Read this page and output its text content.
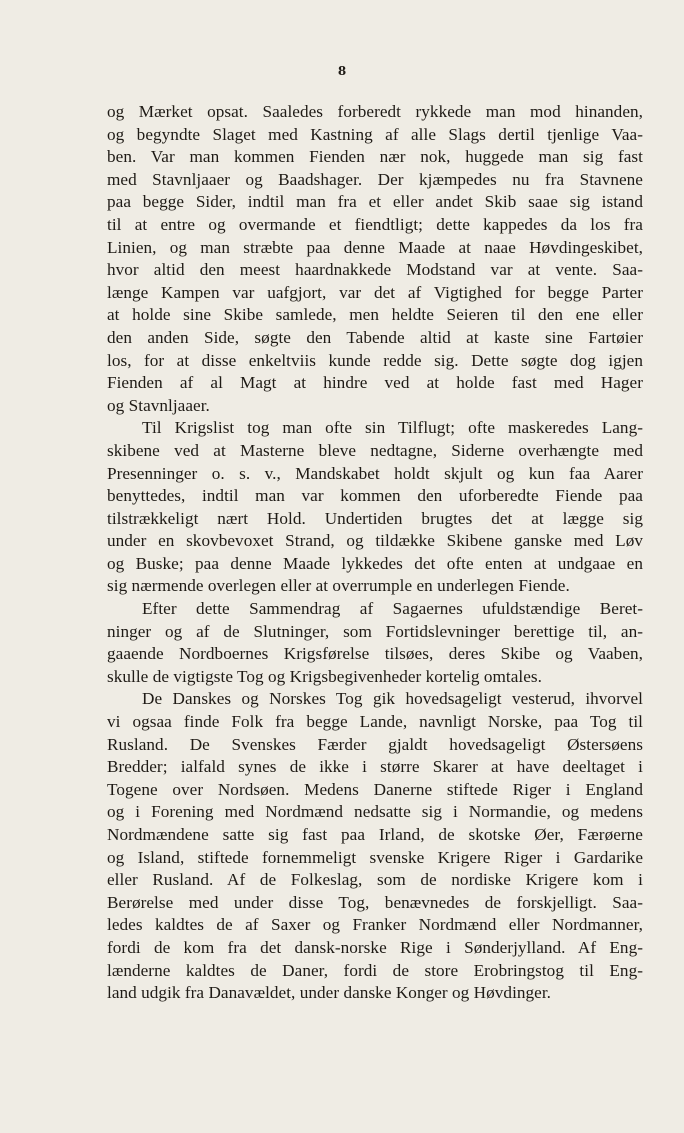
8
og Mærket opsat. Saaledes forberedt rykkede man mod hinanden,
og begyndte Slaget med Kastning af alle Slags dertil tjenlige Vaa-
ben. Var man kommen Fienden nær nok, huggede man sig fast
med Stavnljaaer og Baadshager. Der kjæmpedes nu fra Stavnene
paa begge Sider, indtil man fra et eller andet Skib saae sig istand
til at entre og overmande et fiendtligt; dette kappedes da los fra
Linien, og man stræbte paa denne Maade at naae Høvdingeskibet,
hvor altid den meest haardnakkede Modstand var at vente. Saa-
længe Kampen var uafgjort, var det af Vigtighed for begge Parter
at holde sine Skibe samlede, men heldte Seieren til den ene eller
den anden Side, søgte den Tabende altid at kaste sine Fartøier
los, for at disse enkeltviis kunde redde sig. Dette søgte dog igjen
Fienden af al Magt at hindre ved at holde fast med Hager
og Stavnljaaer.
Til Krigslist tog man ofte sin Tilflugt; ofte maskeredes Lang-
skibene ved at Masterne bleve nedtagne, Siderne overhængte med
Presenninger o. s. v., Mandskabet holdt skjult og kun faa Aarer
benyttedes, indtil man var kommen den uforberedte Fiende paa
tilstrækkeligt nært Hold. Undertiden brugtes det at lægge sig
under en skovbevoxet Strand, og tildække Skibene ganske med Løv
og Buske; paa denne Maade lykkedes det ofte enten at undgaae en
sig nærmende overlegen eller at overrumple en underlegen Fiende.
Efter dette Sammendrag af Sagaernes ufuldstændige Beret-
ninger og af de Slutninger, som Fortidslevninger berettige til, an-
gaaende Nordboernes Krigsførelse tilsøes, deres Skibe og Vaaben,
skulle de vigtigste Tog og Krigsbegivenheder kortelig omtales.
De Danskes og Norskes Tog gik hovedsageligt vesterud, ihvorvel
vi ogsaa finde Folk fra begge Lande, navnligt Norske, paa Tog til
Rusland. De Svenskes Færder gjaldt hovedsageligt Østersøens
Bredder; ialfald synes de ikke i større Skarer at have deeltaget i
Togene over Nordsøen. Medens Danerne stiftede Riger i England
og i Forening med Nordmænd nedsatte sig i Normandie, og medens
Nordmændene satte sig fast paa Irland, de skotske Øer, Færøerne
og Island, stiftede fornemmeligt svenske Krigere Riger i Gardarike
eller Rusland. Af de Folkeslag, som de nordiske Krigere kom i
Berørelse med under disse Tog, benævnedes de forskjelligt. Saa-
ledes kaldtes de af Saxer og Franker Nordmænd eller Nordmanner,
fordi de kom fra det dansk-norske Rige i Sønderjylland. Af Eng-
lænderne kaldtes de Daner, fordi de store Erobringstog til Eng-
land udgik fra Danavældet, under danske Konger og Høvdinger.
